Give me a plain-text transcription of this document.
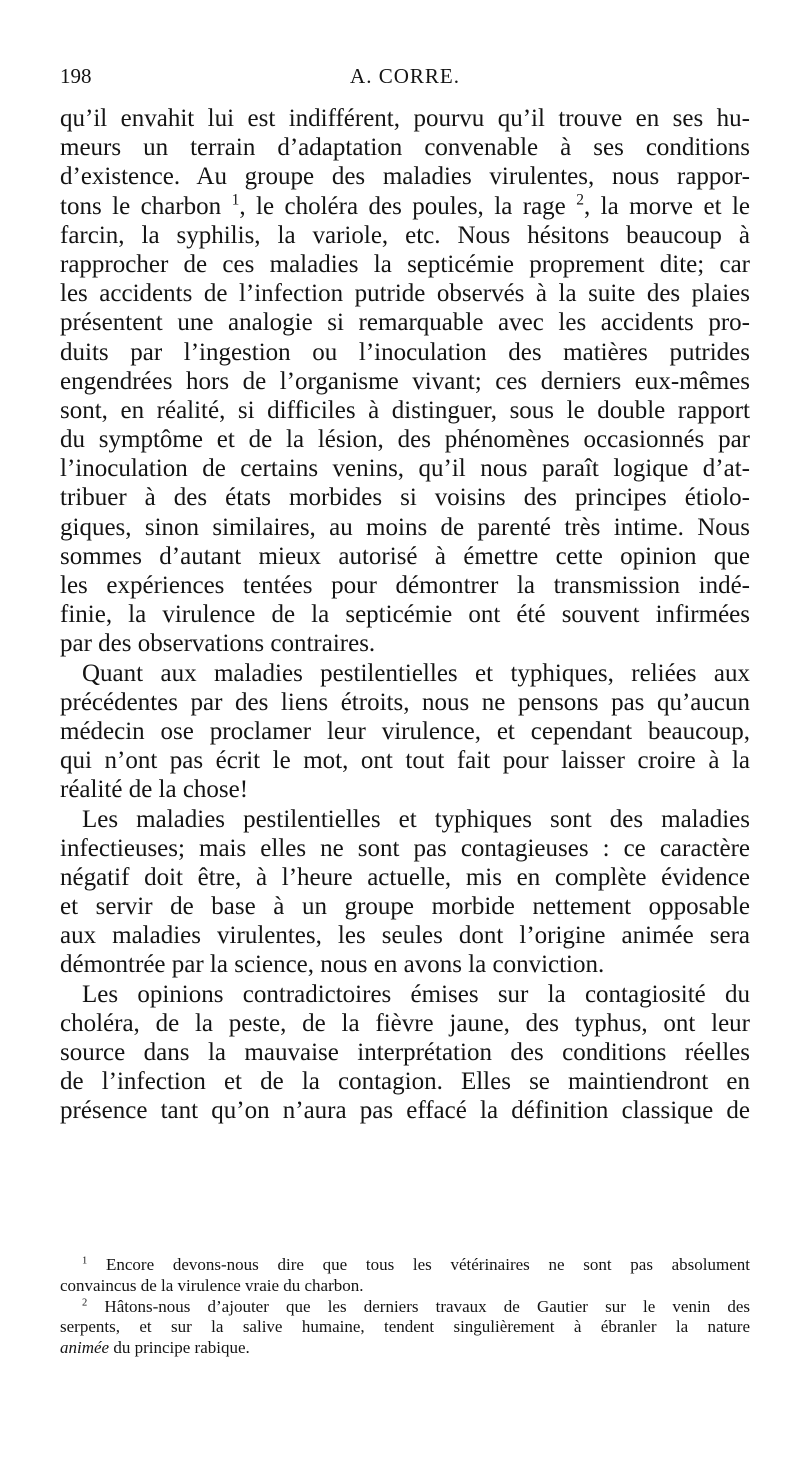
198	A. CORRE.
qu’il envahit lui est indifférent, pourvu qu’il trouve en ses hu-
meurs un terrain d’adaptation convenable à ses conditions
d’existence. Au groupe des maladies virulentes, nous rappor-
tons le charbon $^1$, le choléra des poules, la rage $^2$, la morve et le
farcin, la syphilis, la variole, etc. Nous hésitons beaucoup à
rapprocher de ces maladies la septicémie proprement dite; car
les accidents de l’infection putride observés à la suite des plaies
présentent une analogie si remarquable avec les accidents pro-
duits par l’ingestion ou l’inoculation des matières putrides
engendrées hors de l’organisme vivant; ces derniers eux-mêmes
sont, en réalité, si difficiles à distinguer, sous le double rapport
du symptôme et de la lésion, des phénomènes occasionnés par
l’inoculation de certains venins, qu’il nous paraît logique d’at-
tribuer à des états morbides si voisins des principes étiolo-
giques, sinon similaires, au moins de parenté très intime. Nous
sommes d’autant mieux autorisé à émettre cette opinion que
les expériences tentées pour démontrer la transmission indé-
finie, la virulence de la septicémie ont été souvent infirmées
par des observations contraires.
Quant aux maladies pestilentielles et typhiques, reliées aux
précédentes par des liens étroits, nous ne pensons pas qu’aucun
médecin ose proclamer leur virulence, et cependant beaucoup,
qui n’ont pas écrit le mot, ont tout fait pour laisser croire à la
réalité de la chose!
Les maladies pestilentielles et typhiques sont des maladies
infectieuses; mais elles ne sont pas contagieuses : ce caractère
négatif doit être, à l’heure actuelle, mis en complète évidence
et servir de base à un groupe morbide nettement opposable
aux maladies virulentes, les seules dont l’origine animée sera
démontrée par la science, nous en avons la conviction.
Les opinions contradictoires émises sur la contagiosité du
choléra, de la peste, de la fièvre jaune, des typhus, ont leur
source dans la mauvaise interprétation des conditions réelles
de l’infection et de la contagion. Elles se maintiendront en
présence tant qu’on n’aura pas effacé la définition classique de
$^1$ Encore devons-nous dire que tous les vétérinaires ne sont pas absolument
convaincus de la virulence vraie du charbon.
$^2$ Hâtons-nous d’ajouter que les derniers travaux de Gautier sur le venin des
serpents, et sur la salive humaine, tendent singulièrement à ébranler la nature
animée du principe rabique.
